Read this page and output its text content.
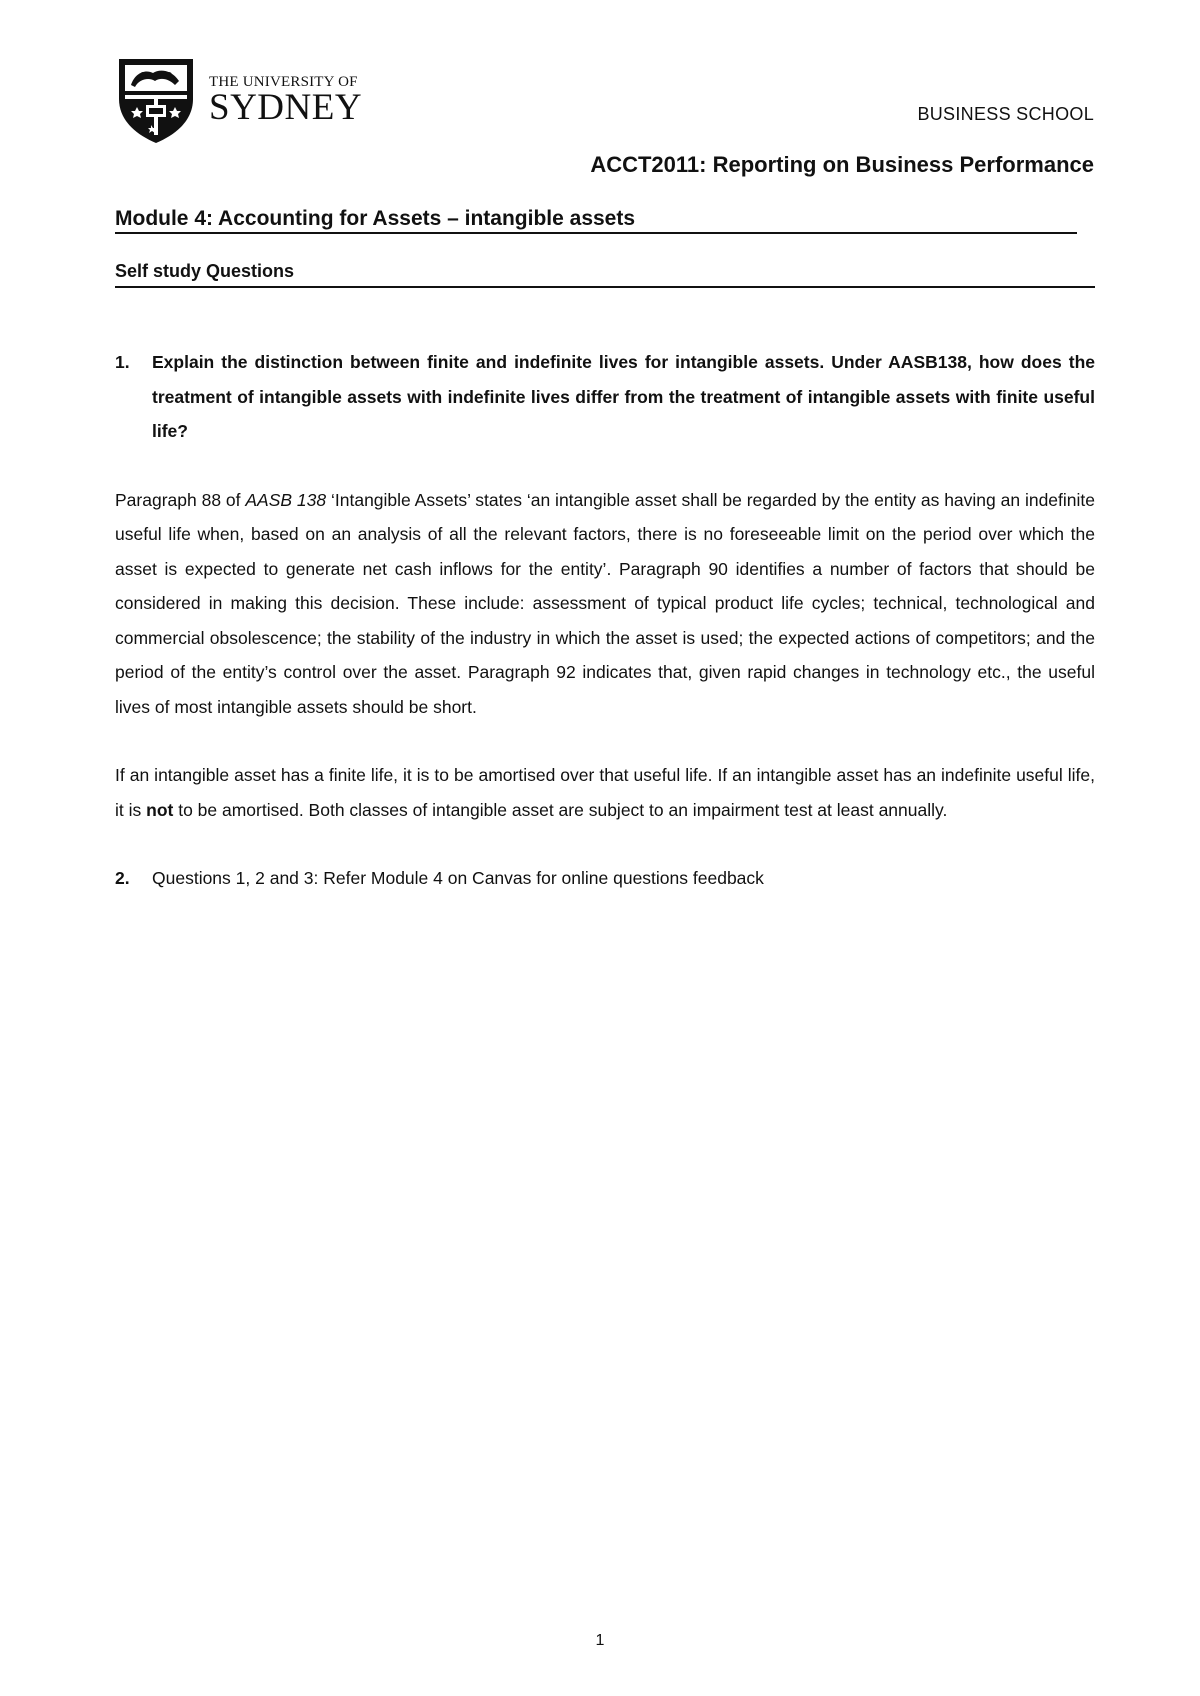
THE UNIVERSITY OF
SYDNEY	BUSINESS SCHOOL
ACCT2011: Reporting on Business Performance
Module 4: Accounting for Assets – intangible assets
Self study Questions
1.	Explain the distinction between finite and indefinite lives for intangible assets. Under AASB138, how does the treatment of intangible assets with indefinite lives differ from the treatment of intangible assets with finite useful life?

Paragraph 88 of AASB 138 ‘Intangible Assets’ states ‘an intangible asset shall be regarded by the entity as having an indefinite useful life when, based on an analysis of all the relevant factors, there is no foreseeable limit on the period over which the asset is expected to generate net cash inflows for the entity’. Paragraph 90 identifies a number of factors that should be considered in making this decision. These include: assessment of typical product life cycles; technical, technological and commercial obsolescence; the stability of the industry in which the asset is used; the expected actions of competitors; and the period of the entity’s control over the asset. Paragraph 92 indicates that, given rapid changes in technology etc., the useful lives of most intangible assets should be short.

If an intangible asset has a finite life, it is to be amortised over that useful life. If an intangible asset has an indefinite useful life, it is not to be amortised. Both classes of intangible asset are subject to an impairment test at least annually.

2.	Questions 1, 2 and 3: Refer Module 4 on Canvas for online questions feedback
1
